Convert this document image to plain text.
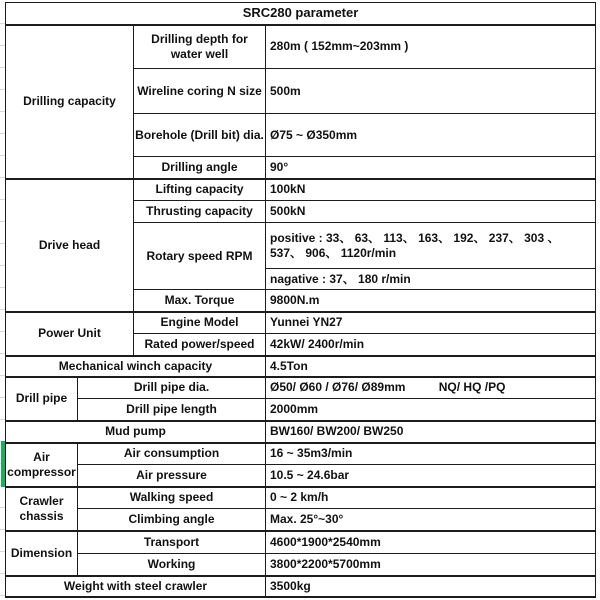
SRC280 parameter			
Drilling capacity		Drilling depth for water well	280m ( 152mm~203mm )
		Wireline coring N size	500m
		Borehole (Drill bit) dia.	Ø75 ~ Ø350mm
		Drilling angle	90°
Drive head		Lifting capacity	100kN
		Thrusting capacity	500kN
		Rotary speed RPM	positive : 33、 63、 113、 163、 192、 237、 303 、 537、 906、 1120r/min
			nagative : 37、 180 r/min
		Max. Torque	9800N.m
Power Unit		Engine Model	Yunnei YN27
		Rated power/speed	42kW/ 2400r/min
Mechanical winch capacity			4.5Ton
Drill pipe	Drill pipe dia.		Ø50/ Ø60 / Ø76/ Ø89mm          NQ/ HQ /PQ
	Drill pipe length		2000mm
Mud pump			BW160/ BW200/ BW250
Air compressor	Air consumption		16 ~ 35m3/min
	Air pressure		10.5 ~ 24.6bar
Crawler chassis	Walking speed		0 ~ 2 km/h
	Climbing angle		Max. 25°~30°
Dimension	Transport		4600*1900*2540mm
	Working		3800*2200*5700mm
Weight with steel crawler			3500kg
